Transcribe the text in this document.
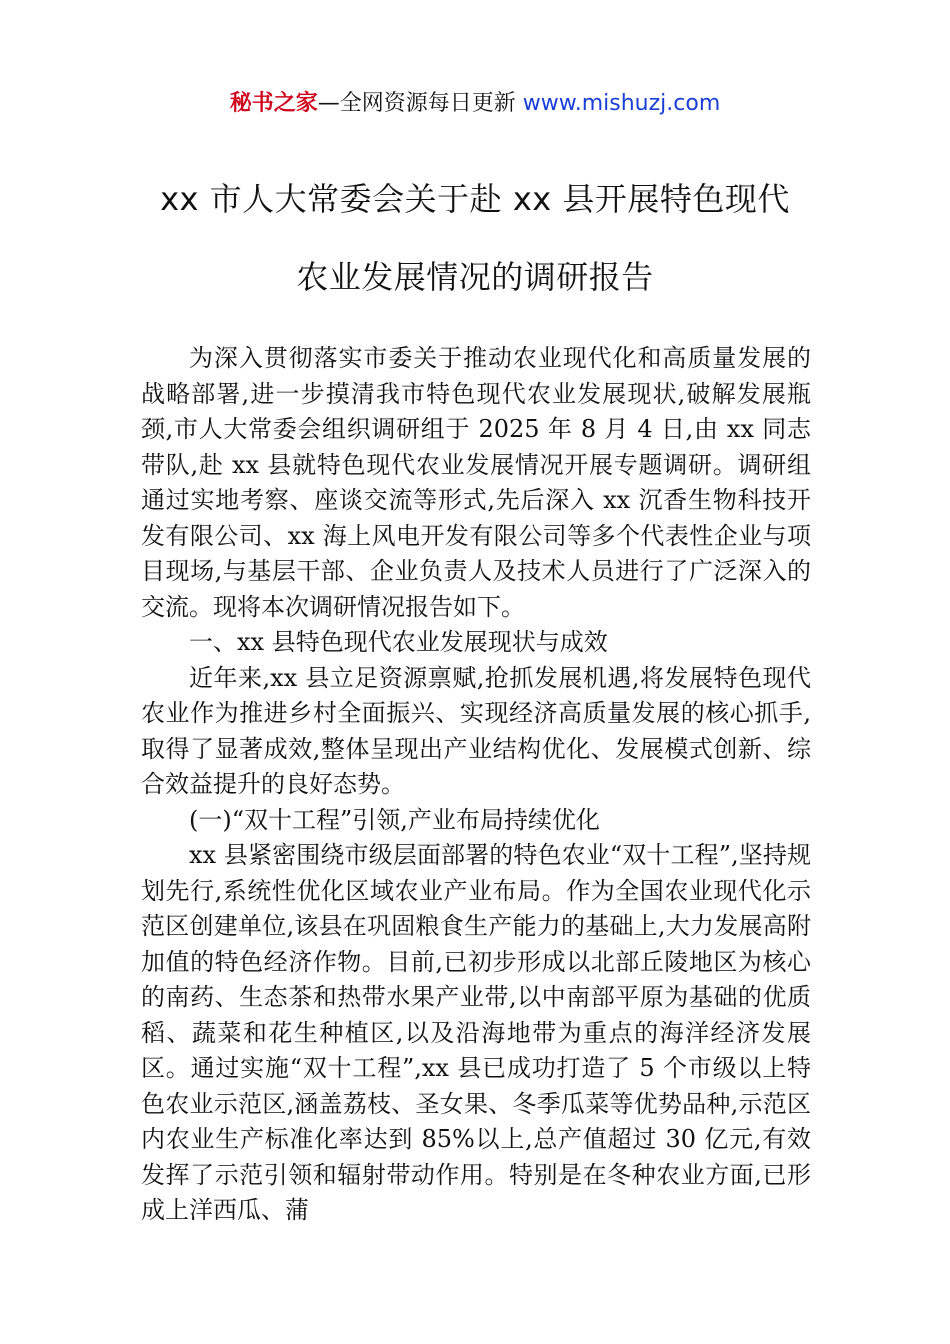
秘书之家—全网资源每日更新 www.mishuzj.com
xx 市人大常委会关于赴 xx 县开展特色现代
农业发展情况的调研报告

为深入贯彻落实市委关于推动农业现代化和高质量发展的战略部署,进一步摸清我市特色现代农业发展现状,破解发展瓶颈,市人大常委会组织调研组于 2025 年 8 月 4 日,由 xx 同志带队,赴 xx 县就特色现代农业发展情况开展专题调研。调研组通过实地考察、座谈交流等形式,先后深入 xx 沉香生物科技开发有限公司、xx 海上风电开发有限公司等多个代表性企业与项目现场,与基层干部、企业负责人及技术人员进行了广泛深入的交流。现将本次调研情况报告如下。

一、xx 县特色现代农业发展现状与成效

近年来,xx 县立足资源禀赋,抢抓发展机遇,将发展特色现代农业作为推进乡村全面振兴、实现经济高质量发展的核心抓手,取得了显著成效,整体呈现出产业结构优化、发展模式创新、综合效益提升的良好态势。

(一)“双十工程”引领,产业布局持续优化

xx 县紧密围绕市级层面部署的特色农业“双十工程”,坚持规划先行,系统性优化区域农业产业布局。作为全国农业现代化示范区创建单位,该县在巩固粮食生产能力的基础上,大力发展高附加值的特色经济作物。目前,已初步形成以北部丘陵地区为核心的南药、生态茶和热带水果产业带,以中南部平原为基础的优质稻、蔬菜和花生种植区,以及沿海地带为重点的海洋经济发展区。通过实施“双十工程”,xx 县已成功打造了 5 个市级以上特色农业示范区,涵盖荔枝、圣女果、冬季瓜菜等优势品种,示范区内农业生产标准化率达到 85%以上,总产值超过 30 亿元,有效发挥了示范引领和辐射带动作用。特别是在冬种农业方面,已形成上洋西瓜、蒲
